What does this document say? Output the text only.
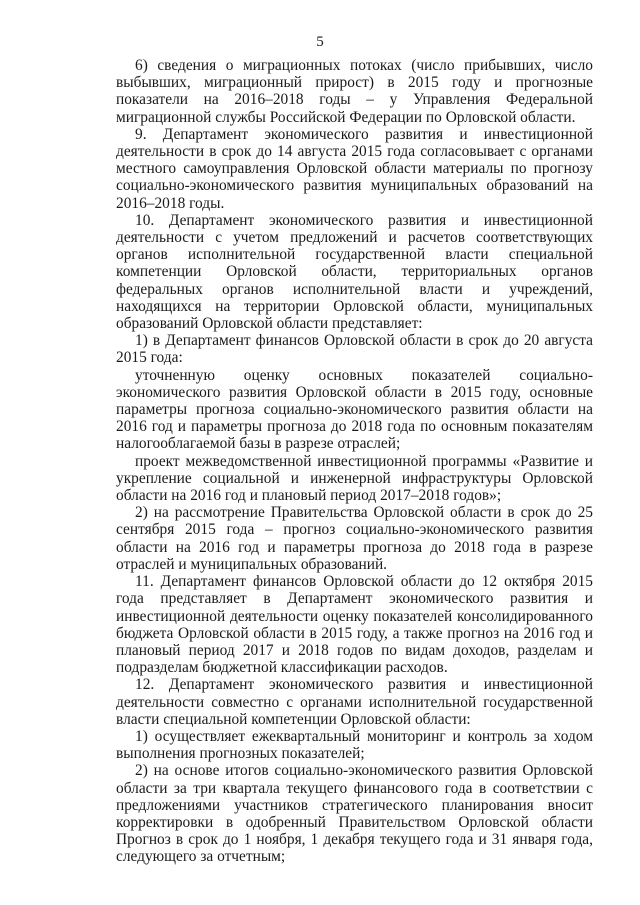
5

6) сведения о миграционных потоках (число прибывших, число выбывших, миграционный прирост) в 2015 году и прогнозные показатели на 2016–2018 годы – у Управления Федеральной миграционной службы Российской Федерации по Орловской области.

9. Департамент экономического развития и инвестиционной деятельности в срок до 14 августа 2015 года согласовывает с органами местного самоуправления Орловской области материалы по прогнозу социально-экономического развития муниципальных образований на 2016–2018 годы.

10. Департамент экономического развития и инвестиционной деятельности с учетом предложений и расчетов соответствующих органов исполнительной государственной власти специальной компетенции Орловской области, территориальных органов федеральных органов исполнительной власти и учреждений, находящихся на территории Орловской области, муниципальных образований Орловской области представляет:

1) в Департамент финансов Орловской области в срок до 20 августа 2015 года:

уточненную оценку основных показателей социально-экономического развития Орловской области в 2015 году, основные параметры прогноза социально-экономического развития области на 2016 год и параметры прогноза до 2018 года по основным показателям налогооблагаемой базы в разрезе отраслей;

проект межведомственной инвестиционной программы «Развитие и укрепление социальной и инженерной инфраструктуры Орловской области на 2016 год и плановый период 2017–2018 годов»;

2) на рассмотрение Правительства Орловской области в срок до 25 сентября 2015 года – прогноз социально-экономического развития области на 2016 год и параметры прогноза до 2018 года в разрезе отраслей и муниципальных образований.

11. Департамент финансов Орловской области до 12 октября 2015 года представляет в Департамент экономического развития и инвестиционной деятельности оценку показателей консолидированного бюджета Орловской области в 2015 году, а также прогноз на 2016 год и плановый период 2017 и 2018 годов по видам доходов, разделам и подразделам бюджетной классификации расходов.

12. Департамент экономического развития и инвестиционной деятельности совместно с органами исполнительной государственной власти специальной компетенции Орловской области:

1) осуществляет ежеквартальный мониторинг и контроль за ходом выполнения прогнозных показателей;

2) на основе итогов социально-экономического развития Орловской области за три квартала текущего финансового года в соответствии с предложениями участников стратегического планирования вносит корректировки в одобренный Правительством Орловской области Прогноз в срок до 1 ноября, 1 декабря текущего года и 31 января года, следующего за отчетным;
